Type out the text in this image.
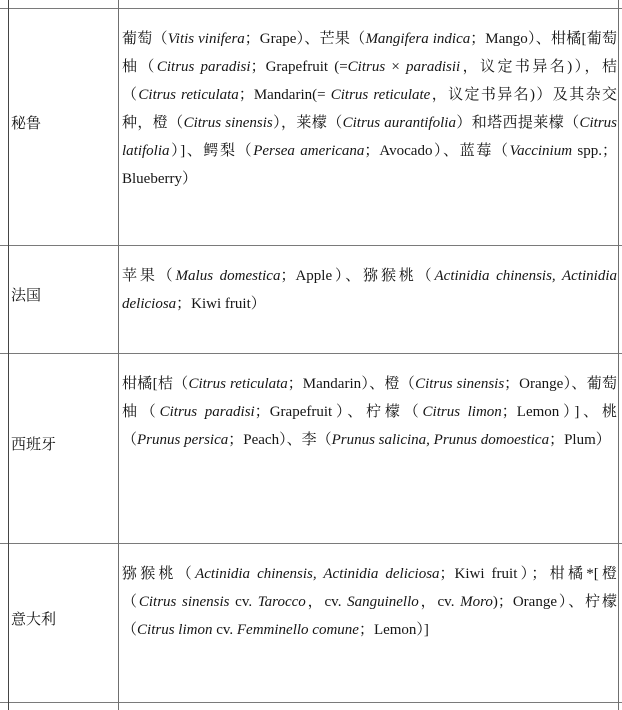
秘鲁
葡萄（Vitis vinifera；Grape）、芒果（Mangifera indica；Mango）、柑橘[葡萄柚（Citrus paradisi；Grapefruit (=Citrus × paradisii，议定书异名)），桔（Citrus reticulata；Mandarin(= Citrus reticulate，议定书异名)）及其杂交种，橙（Citrus sinensis），莱檬（Citrus aurantifolia）和塔西提莱檬（Citrus latifolia）]、鳄梨（Persea americana；Avocado）、蓝莓（Vaccinium spp.；Blueberry）
法国
苹果（Malus domestica；Apple）、猕猴桃（Actinidia chinensis, Actinidia deliciosa；Kiwi fruit）
西班牙
柑橘[桔（Citrus reticulata；Mandarin）、橙（Citrus sinensis；Orange）、葡萄柚（Citrus paradisi；Grapefruit）、柠檬（Citrus limon；Lemon）]、桃（Prunus persica；Peach）、李（Prunus salicina, Prunus domoestica；Plum）
意大利
猕猴桃（Actinidia chinensis, Actinidia deliciosa；Kiwi fruit）；柑橘*[橙（Citrus sinensis cv. Tarocco，cv. Sanguinello，cv. Moro)；Orange）、柠檬（Citrus limon cv. Femminello comune；Lemon）]
